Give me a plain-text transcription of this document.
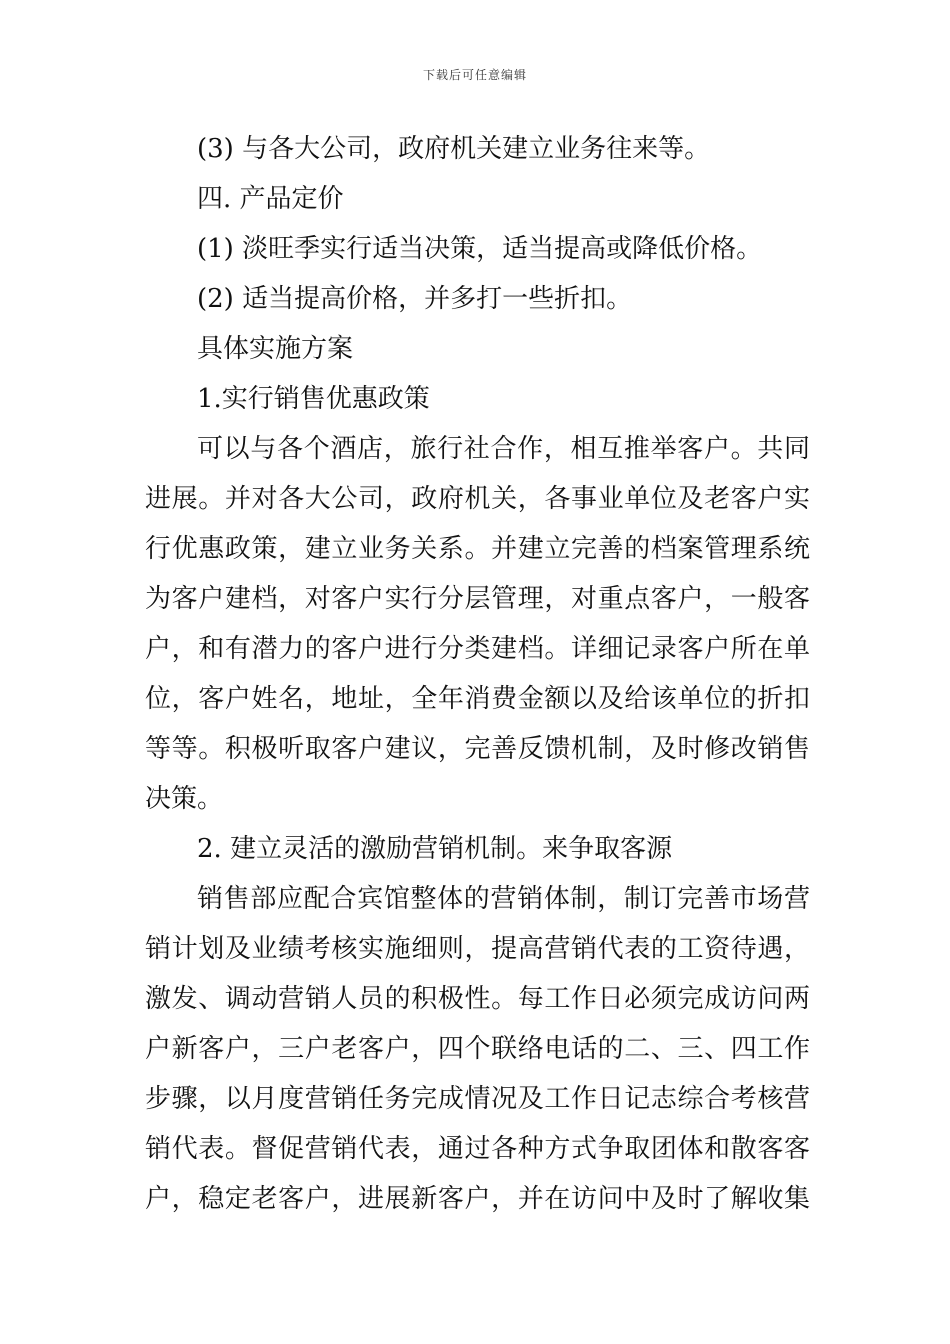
下载后可任意编辑
(3) 与各大公司，政府机关建立业务往来等。
四. 产品定价
(1) 淡旺季实行适当决策，适当提高或降低价格。
(2) 适当提高价格，并多打一些折扣。
具体实施方案
1.实行销售优惠政策
可以与各个酒店，旅行社合作，相互推举客户。共同
进展。并对各大公司，政府机关，各事业单位及老客户实
行优惠政策，建立业务关系。并建立完善的档案管理系统
为客户建档，对客户实行分层管理，对重点客户，一般客
户，和有潜力的客户进行分类建档。详细记录客户所在单
位，客户姓名，地址，全年消费金额以及给该单位的折扣
等等。积极听取客户建议，完善反馈机制，及时修改销售
决策。
2. 建立灵活的激励营销机制。来争取客源
销售部应配合宾馆整体的营销体制，制订完善市场营
销计划及业绩考核实施细则，提高营销代表的工资待遇，
激发、调动营销人员的积极性。每工作日必须完成访问两
户新客户，三户老客户，四个联络电话的二、三、四工作
步骤，以月度营销任务完成情况及工作日记志综合考核营
销代表。督促营销代表，通过各种方式争取团体和散客客
户，稳定老客户，进展新客户，并在访问中及时了解收集
